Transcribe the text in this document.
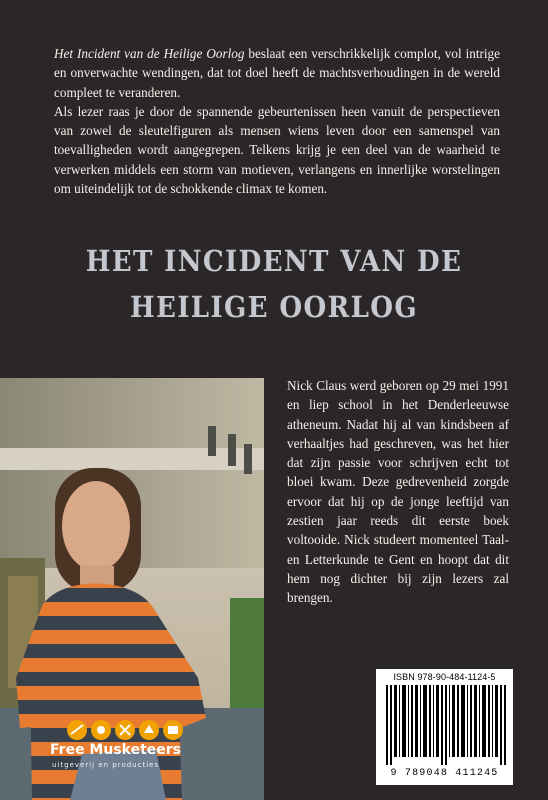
Het Incident van de Heilige Oorlog beslaat een verschrikkelijk complot, vol intrige en onverwachte wendingen, dat tot doel heeft de machtsverhoudingen in de wereld compleet te veranderen.

Als lezer raas je door de spannende gebeurtenissen heen vanuit de perspectieven van zowel de sleutelfiguren als mensen wiens leven door een samenspel van toevalligheden wordt aangegrepen. Telkens krijg je een deel van de waarheid te verwerken middels een storm van motieven, verlangens en innerlijke worstelingen om uiteindelijk tot de schokkende climax te komen.

HET INCIDENT VAN DE
HEILIGE OORLOG

Nick Claus werd geboren op 29 mei 1991 en liep school in het Denderleeuwse atheneum. Nadat hij al van kindsbeen af verhaaltjes had geschreven, was het hier dat zijn passie voor schrijven echt tot bloei kwam. Deze gedrevenheid zorgde ervoor dat hij op de jonge leeftijd van zestien jaar reeds dit eerste boek voltooide. Nick studeert momenteel Taal- en Letterkunde te Gent en hoopt dat dit hem nog dichter bij zijn lezers zal brengen.

ISBN 978-90-484-1124-5
9 789048 411245
Free Musketeers
uitgeverij en producties
